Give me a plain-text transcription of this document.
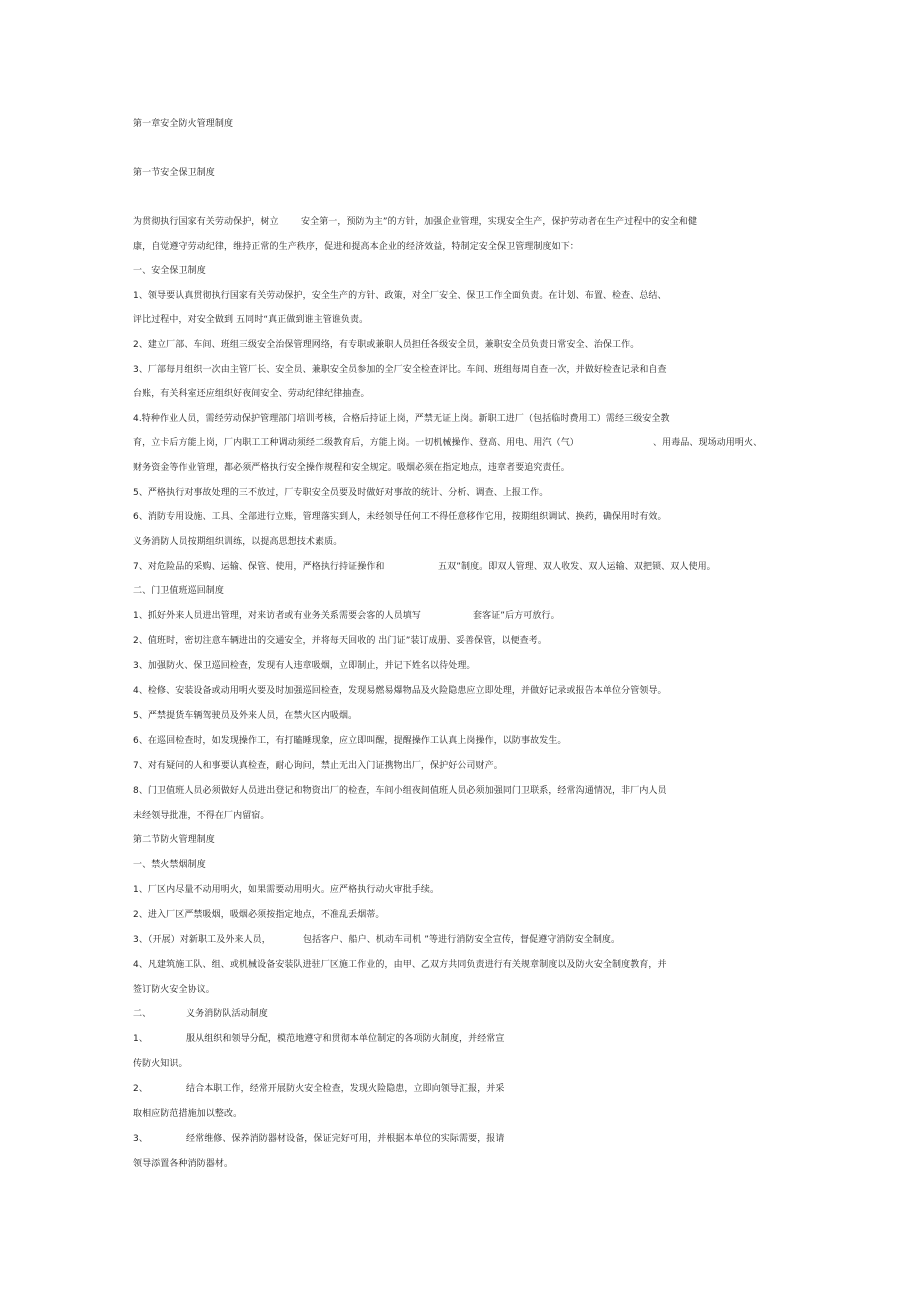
第一章安全防火管理制度
第一节安全保卫制度
为贯彻执行国家有关劳动保护，树立 安全第一，预防为主”的方针，加强企业管理，实现安全生产，保护劳动者在生产过程中的安全和健
康，自觉遵守劳动纪律，维持正常的生产秩序，促进和提高本企业的经济效益，特制定安全保卫管理制度如下：
一、安全保卫制度
1、领导要认真贯彻执行国家有关劳动保护，安全生产的方针、政策，对全厂安全、保卫工作全面负责。在计划、布置、检查、总结、
评比过程中，对安全做到 五同时“真正做到谁主管谁负责。
2、建立厂部、车间、班组三级安全治保管理网络，有专职或兼职人员担任各级安全员，兼职安全员负责日常安全、治保工作。
3、厂部每月组织一次由主管厂长、安全员、兼职安全员参加的全厂安全检查评比。车间、班组每周自查一次，并做好检查记录和自查
台账，有关科室还应组织好夜间安全、劳动纪律纪律抽查。
4.特种作业人员，需经劳动保护管理部门培训考核，合格后持证上岗，严禁无证上岗。新职工进厂（包括临时费用工）需经三级安全教
育，立卡后方能上岗，厂内职工工种调动须经二级教育后，方能上岗。一切机械操作、登高、用电、用汽（气）	、用毒品、现场动用明火、
财务资金等作业管理，都必须严格执行安全操作规程和安全规定。吸烟必须在指定地点，违章者要追究责任。
5、严格执行对事故处理的三不放过，厂专职安全员要及时做好对事故的统计、分析、调查、上报工作。
6、消防专用设施、工具、全部进行立账，管理落实到人，未经领导任何工不得任意移作它用，按期组织调试、换药，确保用时有效。
义务消防人员按期组织训练，以提高思想技术素质。
7、对危险品的采购、运输、保管、使用，严格执行持证操作和	五双”制度。即双人管理、双人收发、双人运输、双把锁、双人使用。
二、门卫值班巡回制度
1、抓好外来人员进出管理，对来访者或有业务关系需要会客的人员填写	套客证”后方可放行。
2、值班时，密切注意车辆进出的交通安全，并将每天回收的 出门证”装订成册、妥善保管，以便查考。
3、加强防火、保卫巡回检查，发现有人违章吸烟，立即制止，并记下姓名以待处理。
4、检修、安装设备或动用明火要及时加强巡回检查，发现易燃易爆物品及火险隐患应立即处理，并做好记录或报告本单位分管领导。
5、严禁提货车辆驾驶员及外来人员，在禁火区内吸烟。
6、在巡回检查时，如发现操作工，有打瞌睡现象，应立即叫醒，提醒操作工认真上岗操作，以防事故发生。
7、对有疑问的人和事要认真检查，耐心询问，禁止无出入门证携物出厂，保护好公司财产。
8、门卫值班人员必须做好人员进出登记和物资出厂的检查，车间小组夜间值班人员必须加强同门卫联系，经常沟通情况，非厂内人员
未经领导批准，不得在厂内留宿。
第二节防火管理制度
一、禁火禁烟制度
1、厂区内尽量不动用明火，如果需要动用明火。应严格执行动火审批手续。
2、进入厂区严禁吸烟，吸烟必须按指定地点，不准乱丢烟蒂。
3、（开展）对新职工及外来人员，	包括客户、船户、机动车司机 ”等进行消防安全宣传，督促遵守消防安全制度。
4、凡建筑施工队、组、或机械设备安装队进驻厂区施工作业的，由甲、乙双方共同负责进行有关规章制度以及防火安全制度教育，并
签订防火安全协议。
二、	义务消防队活动制度
1、	服从组织和领导分配，模范地遵守和贯彻本单位制定的各项防火制度，并经常宣
传防火知识。
2、	结合本职工作，经常开展防火安全检查，发现火险隐患，立即向领导汇报，并采
取相应防范措施加以整改。
3、	经常维修、保养消防器材设备，保证完好可用，并根据本单位的实际需要，报请
领导添置各种消防器材。
